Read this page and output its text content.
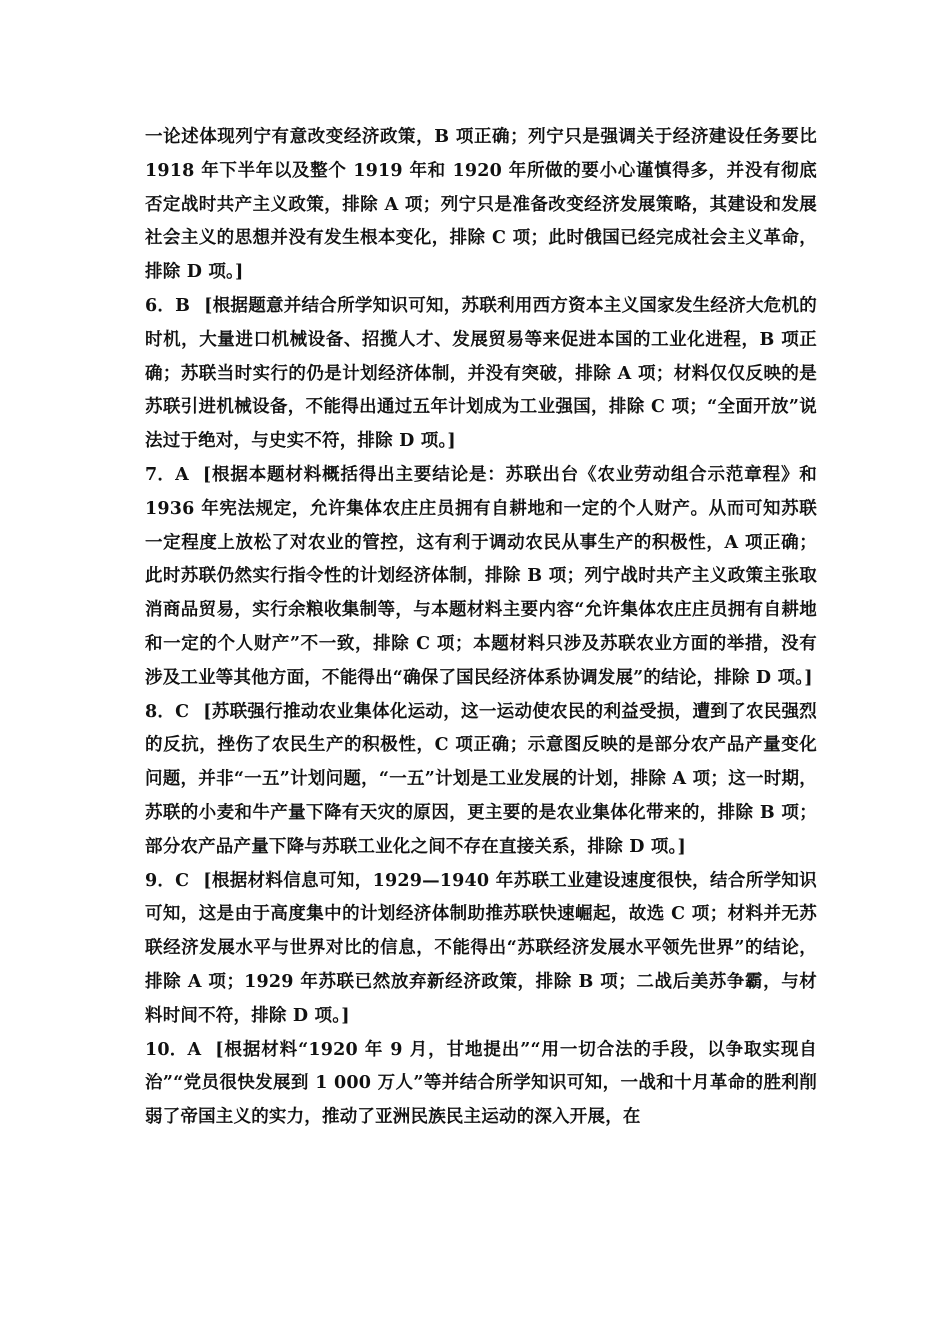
一论述体现列宁有意改变经济政策，B 项正确；列宁只是强调关于经济建设任务要比 1918 年下半年以及整个 1919 年和 1920 年所做的要小心谨慎得多，并没有彻底否定战时共产主义政策，排除 A 项；列宁只是准备改变经济发展策略，其建设和发展社会主义的思想并没有发生根本变化，排除 C 项；此时俄国已经完成社会主义革命，排除 D 项。]

6．B [根据题意并结合所学知识可知，苏联利用西方资本主义国家发生经济大危机的时机，大量进口机械设备、招揽人才、发展贸易等来促进本国的工业化进程，B 项正确；苏联当时实行的仍是计划经济体制，并没有突破，排除 A 项；材料仅仅反映的是苏联引进机械设备，不能得出通过五年计划成为工业强国，排除 C 项；“全面开放”说法过于绝对，与史实不符，排除 D 项。]

7．A [根据本题材料概括得出主要结论是：苏联出台《农业劳动组合示范章程》和 1936 年宪法规定，允许集体农庄庄员拥有自耕地和一定的个人财产。从而可知苏联一定程度上放松了对农业的管控，这有利于调动农民从事生产的积极性，A 项正确；此时苏联仍然实行指令性的计划经济体制，排除 B 项；列宁战时共产主义政策主张取消商品贸易，实行余粮收集制等，与本题材料主要内容“允许集体农庄庄员拥有自耕地和一定的个人财产”不一致，排除 C 项；本题材料只涉及苏联农业方面的举措，没有涉及工业等其他方面，不能得出“确保了国民经济体系协调发展”的结论，排除 D 项。]

8．C [苏联强行推动农业集体化运动，这一运动使农民的利益受损，遭到了农民强烈的反抗，挫伤了农民生产的积极性，C 项正确；示意图反映的是部分农产品产量变化问题，并非“一五”计划问题，“一五”计划是工业发展的计划，排除 A 项；这一时期，苏联的小麦和牛产量下降有天灾的原因，更主要的是农业集体化带来的，排除 B 项；部分农产品产量下降与苏联工业化之间不存在直接关系，排除 D 项。]

9．C [根据材料信息可知，1929—1940 年苏联工业建设速度很快，结合所学知识可知，这是由于高度集中的计划经济体制助推苏联快速崛起，故选 C 项；材料并无苏联经济发展水平与世界对比的信息，不能得出“苏联经济发展水平领先世界”的结论，排除 A 项；1929 年苏联已然放弃新经济政策，排除 B 项；二战后美苏争霸，与材料时间不符，排除 D 项。]

10．A [根据材料“1920 年 9 月，甘地提出”“用一切合法的手段，以争取实现自治”“党员很快发展到 1 000 万人”等并结合所学知识可知，一战和十月革命的胜利削弱了帝国主义的实力，推动了亚洲民族民主运动的深入开展，在
